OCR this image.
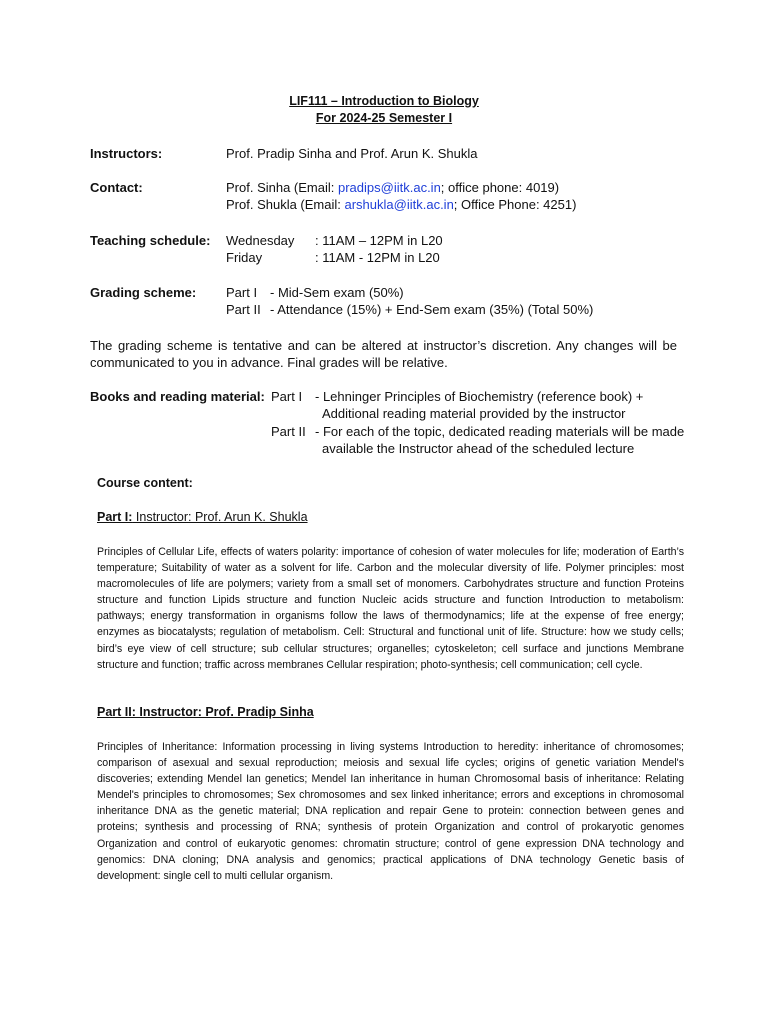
LIF111 – Introduction to Biology
For 2024-25 Semester I
Instructors:	Prof. Pradip Sinha and Prof. Arun K. Shukla
Contact:	Prof. Sinha (Email: pradips@iitk.ac.in; office phone: 4019)
Prof. Shukla (Email: arshukla@iitk.ac.in; Office Phone: 4251)
Teaching schedule: Wednesday : 11AM – 12PM in L20
Friday	: 11AM - 12PM in L20
Grading scheme: Part I - Mid-Sem exam (50%)
Part II - Attendance (15%) + End-Sem exam (35%) (Total 50%)
The grading scheme is tentative and can be altered at instructor’s discretion. Any changes will be communicated to you in advance. Final grades will be relative.
Books and reading material: Part I - Lehninger Principles of Biochemistry (reference book) +
Additional reading material provided by the instructor
Part II - For each of the topic, dedicated reading materials will be made
available the Instructor ahead of the scheduled lecture
Course content:
Part I: Instructor: Prof. Arun K. Shukla
Principles of Cellular Life, effects of waters polarity: importance of cohesion of water molecules for life; moderation of Earth’s temperature; Suitability of water as a solvent for life. Carbon and the molecular diversity of life. Polymer principles: most macromolecules of life are polymers; variety from a small set of monomers. Carbohydrates structure and function Proteins structure and function Lipids structure and function Nucleic acids structure and function Introduction to metabolism: pathways; energy transformation in organisms follow the laws of thermodynamics; life at the expense of free energy; enzymes as biocatalysts; regulation of metabolism. Cell: Structural and functional unit of life. Structure: how we study cells; bird’s eye view of cell structure; sub cellular structures; organelles; cytoskeleton; cell surface and junctions Membrane structure and function; traffic across membranes Cellular respiration; photo-synthesis; cell communication; cell cycle.
Part II: Instructor: Prof. Pradip Sinha
Principles of Inheritance: Information processing in living systems Introduction to heredity: inheritance of chromosomes; comparison of asexual and sexual reproduction; meiosis and sexual life cycles; origins of genetic variation Mendel's discoveries; extending Mendel Ian genetics; Mendel Ian inheritance in human Chromosomal basis of inheritance: Relating Mendel's principles to chromosomes; Sex chromosomes and sex linked inheritance; errors and exceptions in chromosomal inheritance DNA as the genetic material; DNA replication and repair Gene to protein: connection between genes and proteins; synthesis and processing of RNA; synthesis of protein Organization and control of prokaryotic genomes Organization and control of eukaryotic genomes: chromatin structure; control of gene expression DNA technology and genomics: DNA cloning; DNA analysis and genomics; practical applications of DNA technology Genetic basis of development: single cell to multi cellular organism.
